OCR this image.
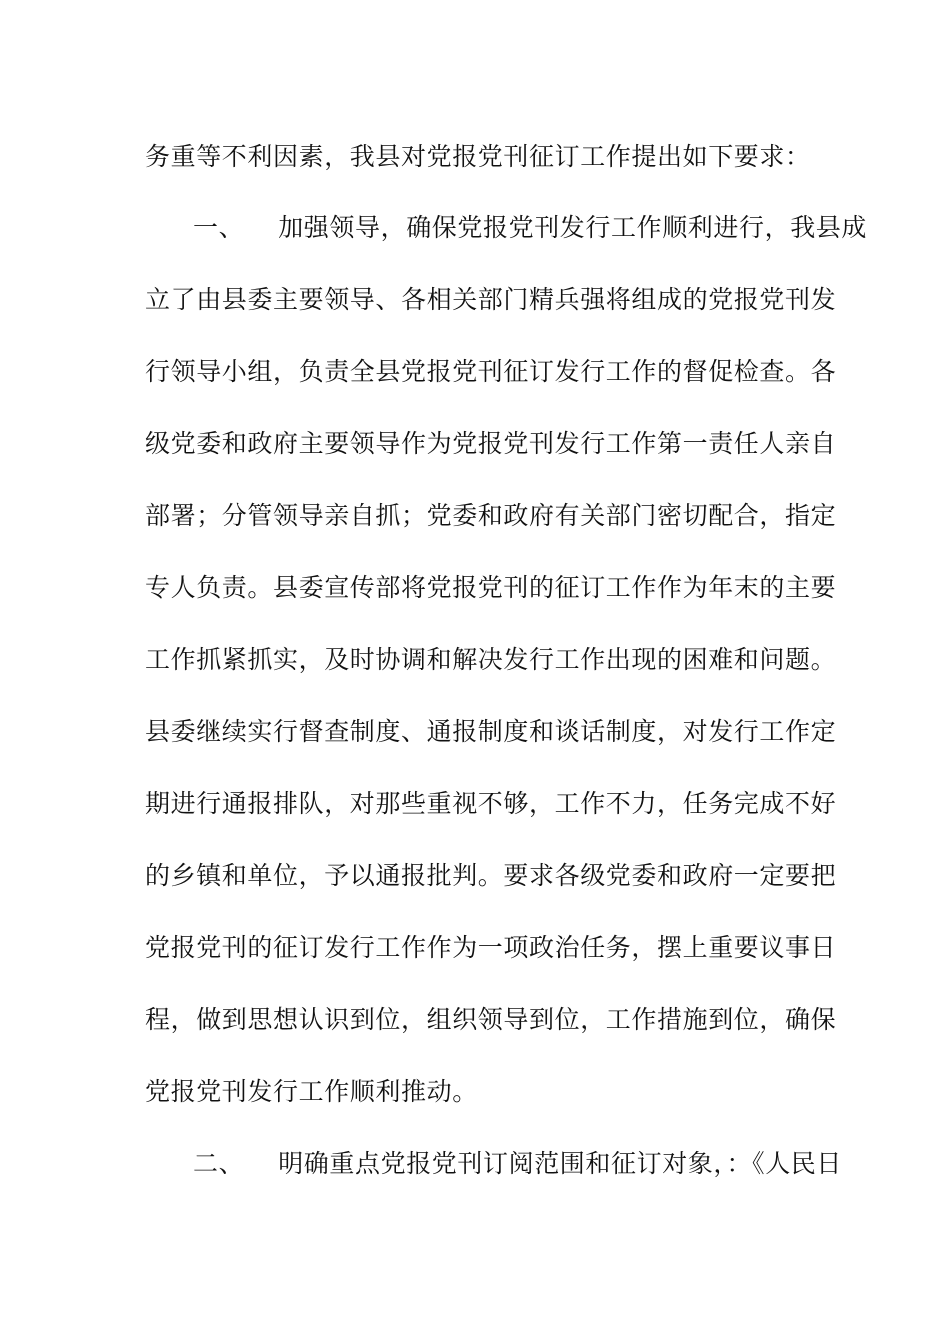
务重等不利因素，我县对党报党刊征订工作提出如下要求：
一、 加强领导，确保党报党刊发行工作顺利进行，我县成
立了由县委主要领导、各相关部门精兵强将组成的党报党刊发
行领导小组，负责全县党报党刊征订发行工作的督促检查。各
级党委和政府主要领导作为党报党刊发行工作第一责任人亲自
部署；分管领导亲自抓；党委和政府有关部门密切配合，指定
专人负责。县委宣传部将党报党刊的征订工作作为年末的主要
工作抓紧抓实，及时协调和解决发行工作出现的困难和问题。
县委继续实行督查制度、通报制度和谈话制度，对发行工作定
期进行通报排队，对那些重视不够，工作不力，任务完成不好
的乡镇和单位，予以通报批判。要求各级党委和政府一定要把
党报党刊的征订发行工作作为一项政治任务，摆上重要议事日
程，做到思想认识到位，组织领导到位，工作措施到位，确保
党报党刊发行工作顺利推动。
二、 明确重点党报党刊订阅范围和征订对象，：《人民日
